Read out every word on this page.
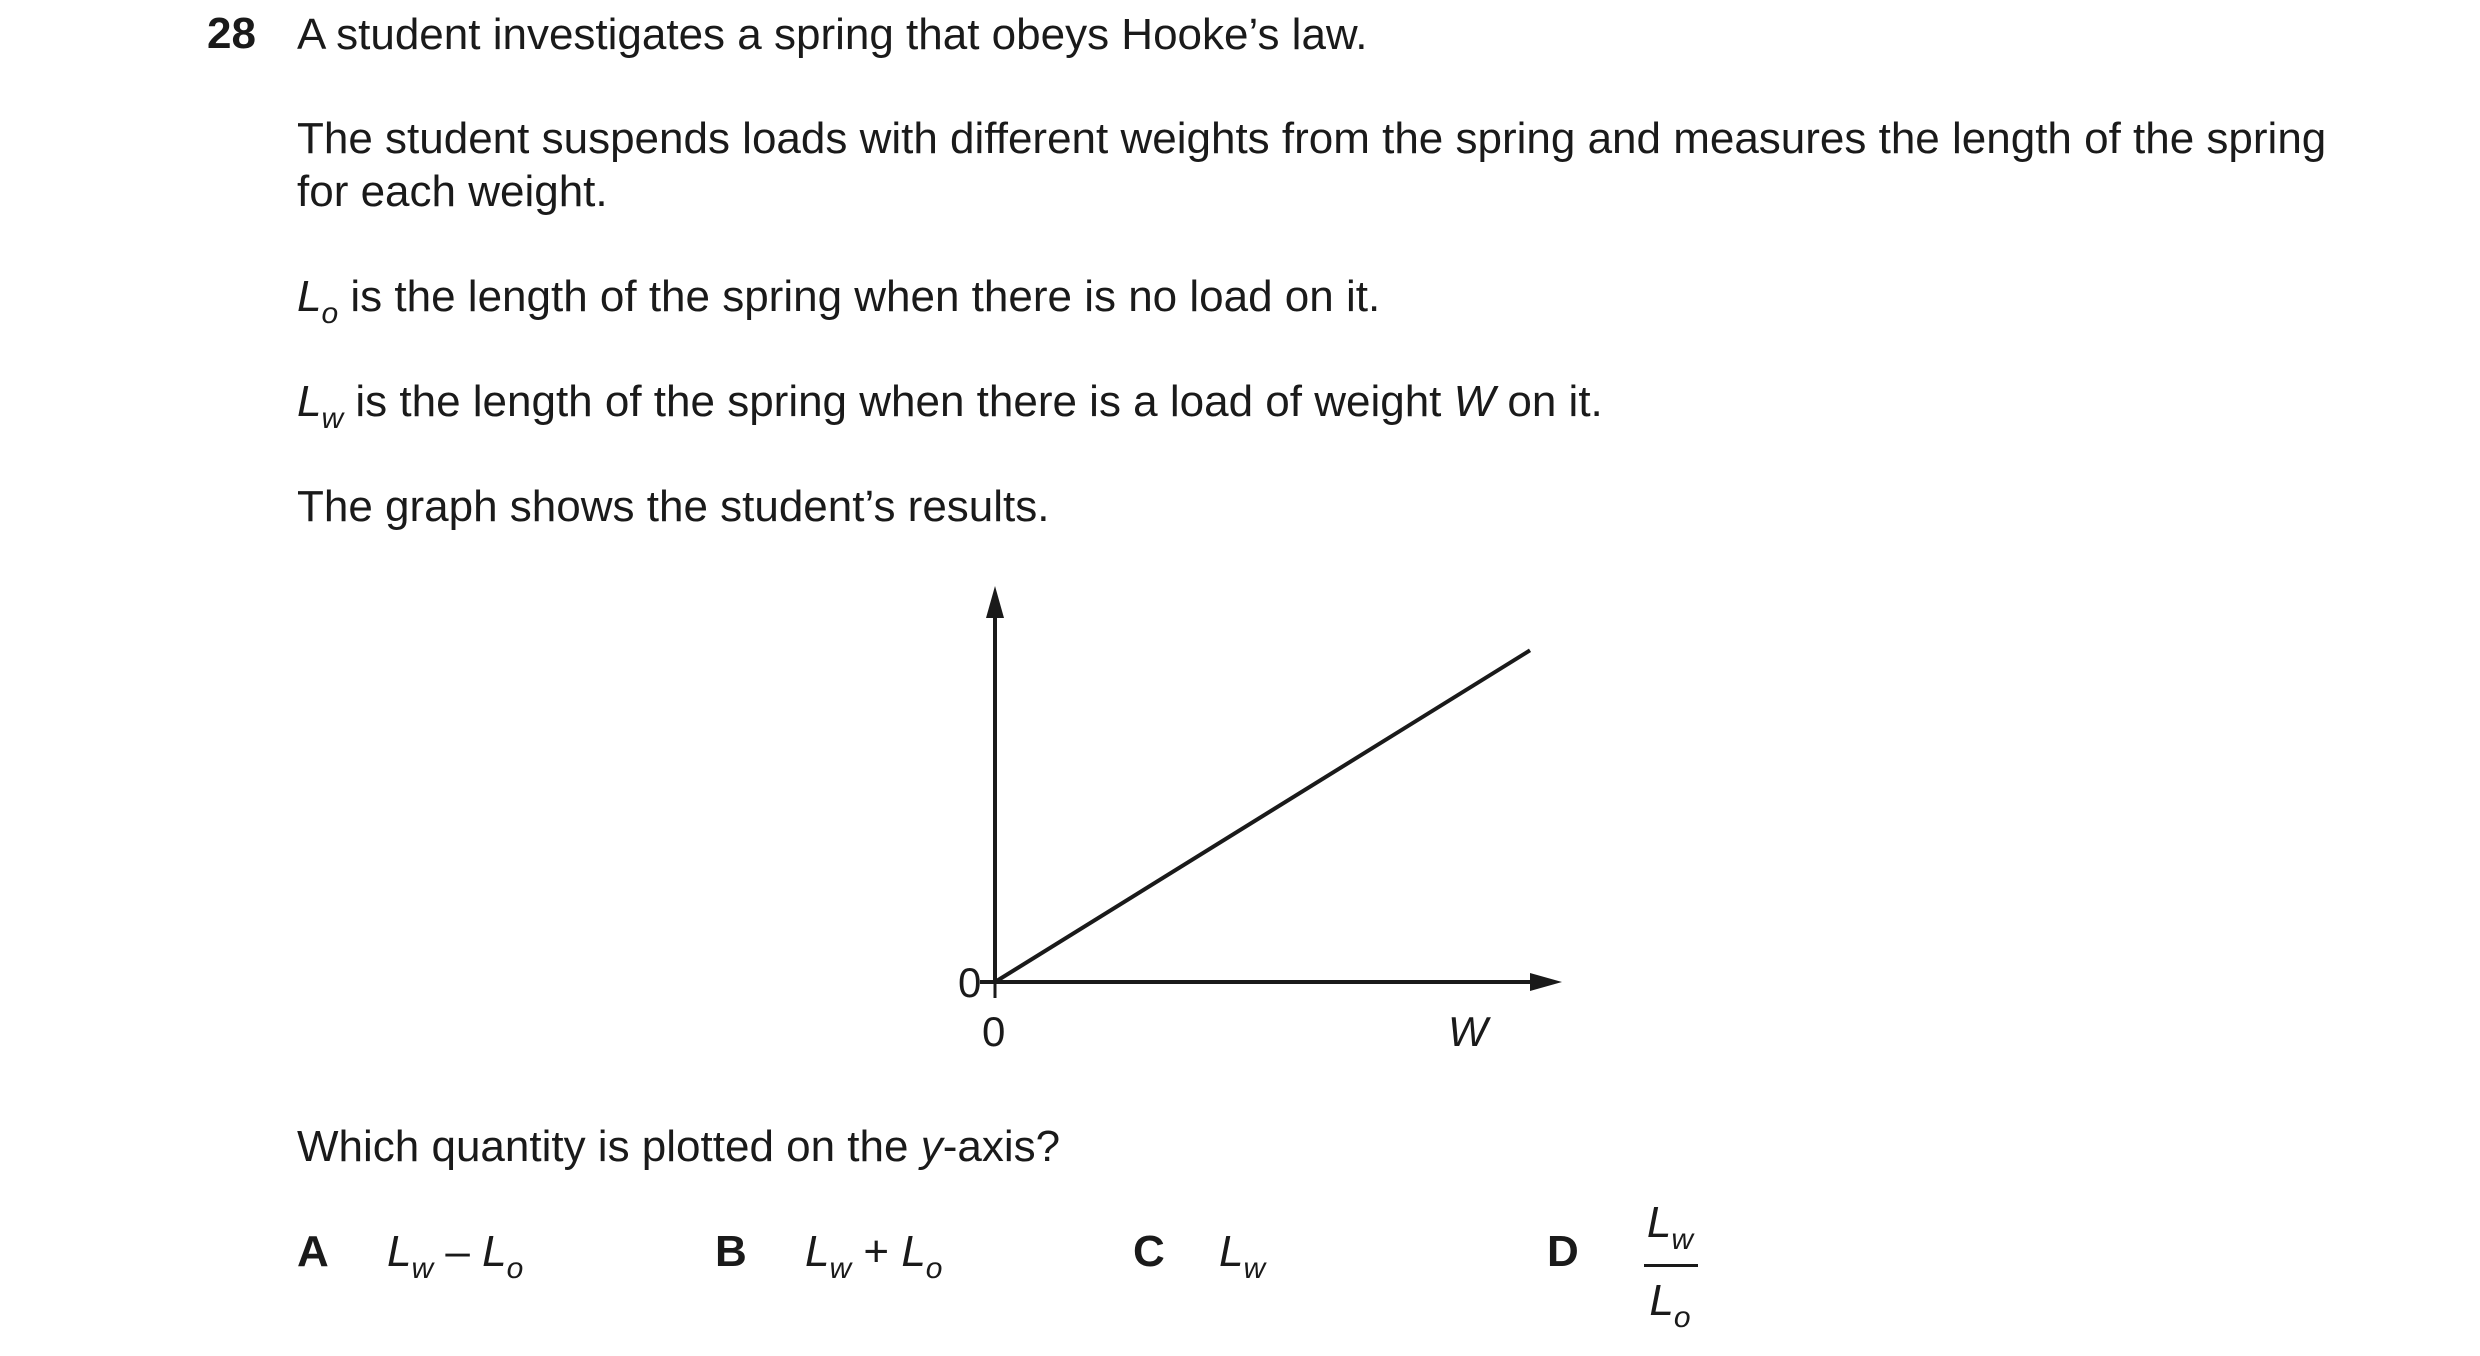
28 A student investigates a spring that obeys Hooke’s law.

The student suspends loads with different weights from the spring and measures the length of the spring for each weight.

$L_o$ is the length of the spring when there is no load on it.

$L_w$ is the length of the spring when there is a load of weight W on it.

The graph shows the student’s results.

0
0	W

Which quantity is plotted on the y-axis?

A $L_w - L_o$	B $L_w + L_o$	C $L_w$	D
$L_w$
$L_o$
